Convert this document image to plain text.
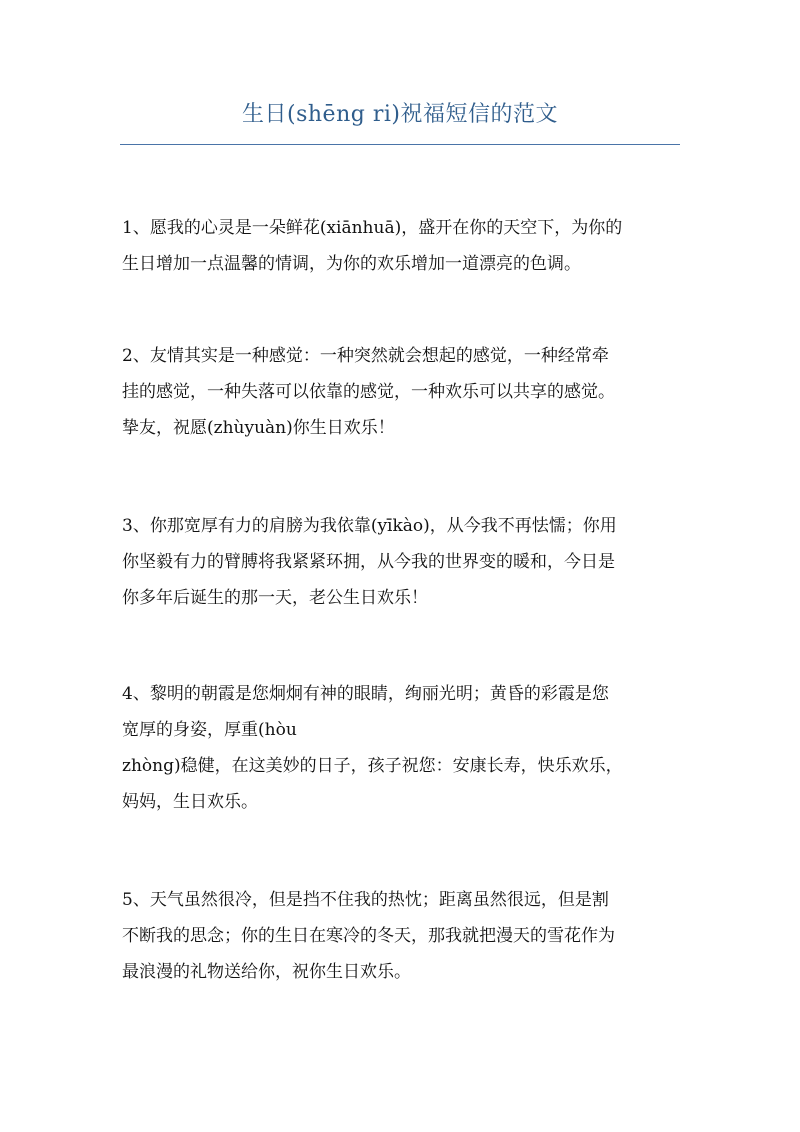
生日(shēng ri)祝福短信的范文
1、愿我的心灵是一朵鲜花(xiānhuā)，盛开在你的天空下，为你的
生日增加一点温馨的情调，为你的欢乐增加一道漂亮的色调。
2、友情其实是一种感觉：一种突然就会想起的感觉，一种经常牵
挂的感觉，一种失落可以依靠的感觉，一种欢乐可以共享的感觉。
挚友，祝愿(zhùyuàn)你生日欢乐！
3、你那宽厚有力的肩膀为我依靠(yīkào)，从今我不再怯懦；你用
你坚毅有力的臂膊将我紧紧环拥，从今我的世界变的暖和，今日是
你多年后诞生的那一天，老公生日欢乐！
4、黎明的朝霞是您炯炯有神的眼睛，绚丽光明；黄昏的彩霞是您
宽厚的身姿，厚重(hòu
zhòng)稳健，在这美妙的日子，孩子祝您：安康长寿，快乐欢乐，
妈妈，生日欢乐。
5、天气虽然很冷，但是挡不住我的热忱；距离虽然很远，但是割
不断我的思念；你的生日在寒冷的冬天，那我就把漫天的雪花作为
最浪漫的礼物送给你，祝你生日欢乐。
